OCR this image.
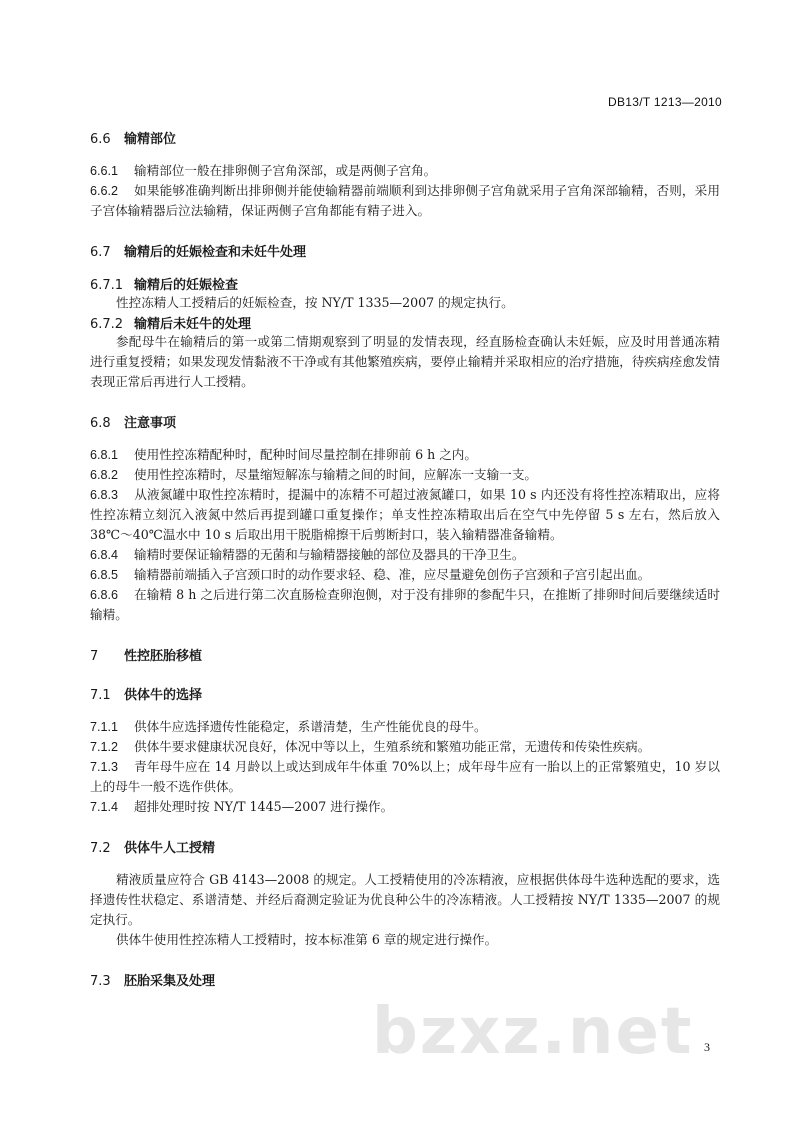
DB13/T 1213—2010
6.6 输精部位

6.6.1 输精部位一般在排卵侧子宫角深部，或是两侧子宫角。

6.6.2 如果能够准确判断出排卵侧并能使输精器前端顺利到达排卵侧子宫角就采用子宫角深部输精，否则，采用子宫体输精器后泣法输精，保证两侧子宫角都能有精子进入。

6.7 输精后的妊娠检查和未妊牛处理
6.7.1 输精后的妊娠检查

性控冻精人工授精后的妊娠检查，按 NY/T 1335—2007 的规定执行。

6.7.2 输精后未妊牛的处理

参配母牛在输精后的第一或第二情期观察到了明显的发情表现，经直肠检查确认未妊娠，应及时用普通冻精进行重复授精；如果发现发情黏液不干净或有其他繁殖疾病，要停止输精并采取相应的治疗措施，待疾病痊愈发情表现正常后再进行人工授精。

6.8 注意事项

6.8.1 使用性控冻精配种时，配种时间尽量控制在排卵前 6 h 之内。

6.8.2 使用性控冻精时，尽量缩短解冻与输精之间的时间，应解冻一支输一支。

6.8.3 从液氮罐中取性控冻精时，提漏中的冻精不可超过液氮罐口，如果 10 s 内还没有将性控冻精取出，应将性控冻精立刻沉入液氮中然后再提到罐口重复操作；单支性控冻精取出后在空气中先停留 5 s 左右，然后放入 38℃～40℃温水中 10 s 后取出用干脱脂棉擦干后剪断封口，装入输精器准备输精。

6.8.4 输精时要保证输精器的无菌和与输精器接触的部位及器具的干净卫生。

6.8.5 输精器前端插入子宫颈口时的动作要求轻、稳、准，应尽量避免创伤子宫颈和子宫引起出血。

6.8.6 在输精 8 h 之后进行第二次直肠检查卵泡侧，对于没有排卵的参配牛只，在推断了排卵时间后要继续适时输精。

7 性控胚胎移植
7.1 供体牛的选择

7.1.1 供体牛应选择遗传性能稳定，系谱清楚，生产性能优良的母牛。

7.1.2 供体牛要求健康状况良好，体况中等以上，生殖系统和繁殖功能正常，无遗传和传染性疾病。

7.1.3 青年母牛应在 14 月龄以上或达到成年牛体重 70%以上；成年母牛应有一胎以上的正常繁殖史，10 岁以上的母牛一般不选作供体。

7.1.4 超排处理时按 NY/T 1445—2007 进行操作。

7.2 供体牛人工授精

精液质量应符合 GB 4143—2008 的规定。人工授精使用的冷冻精液，应根据供体母牛选种选配的要求，选择遗传性状稳定、系谱清楚、并经后裔测定验证为优良种公牛的冷冻精液。人工授精按 NY/T 1335—2007 的规定执行。

供体牛使用性控冻精人工授精时，按本标准第 6 章的规定进行操作。

7.3 胚胎采集及处理
bzxz.net 3
